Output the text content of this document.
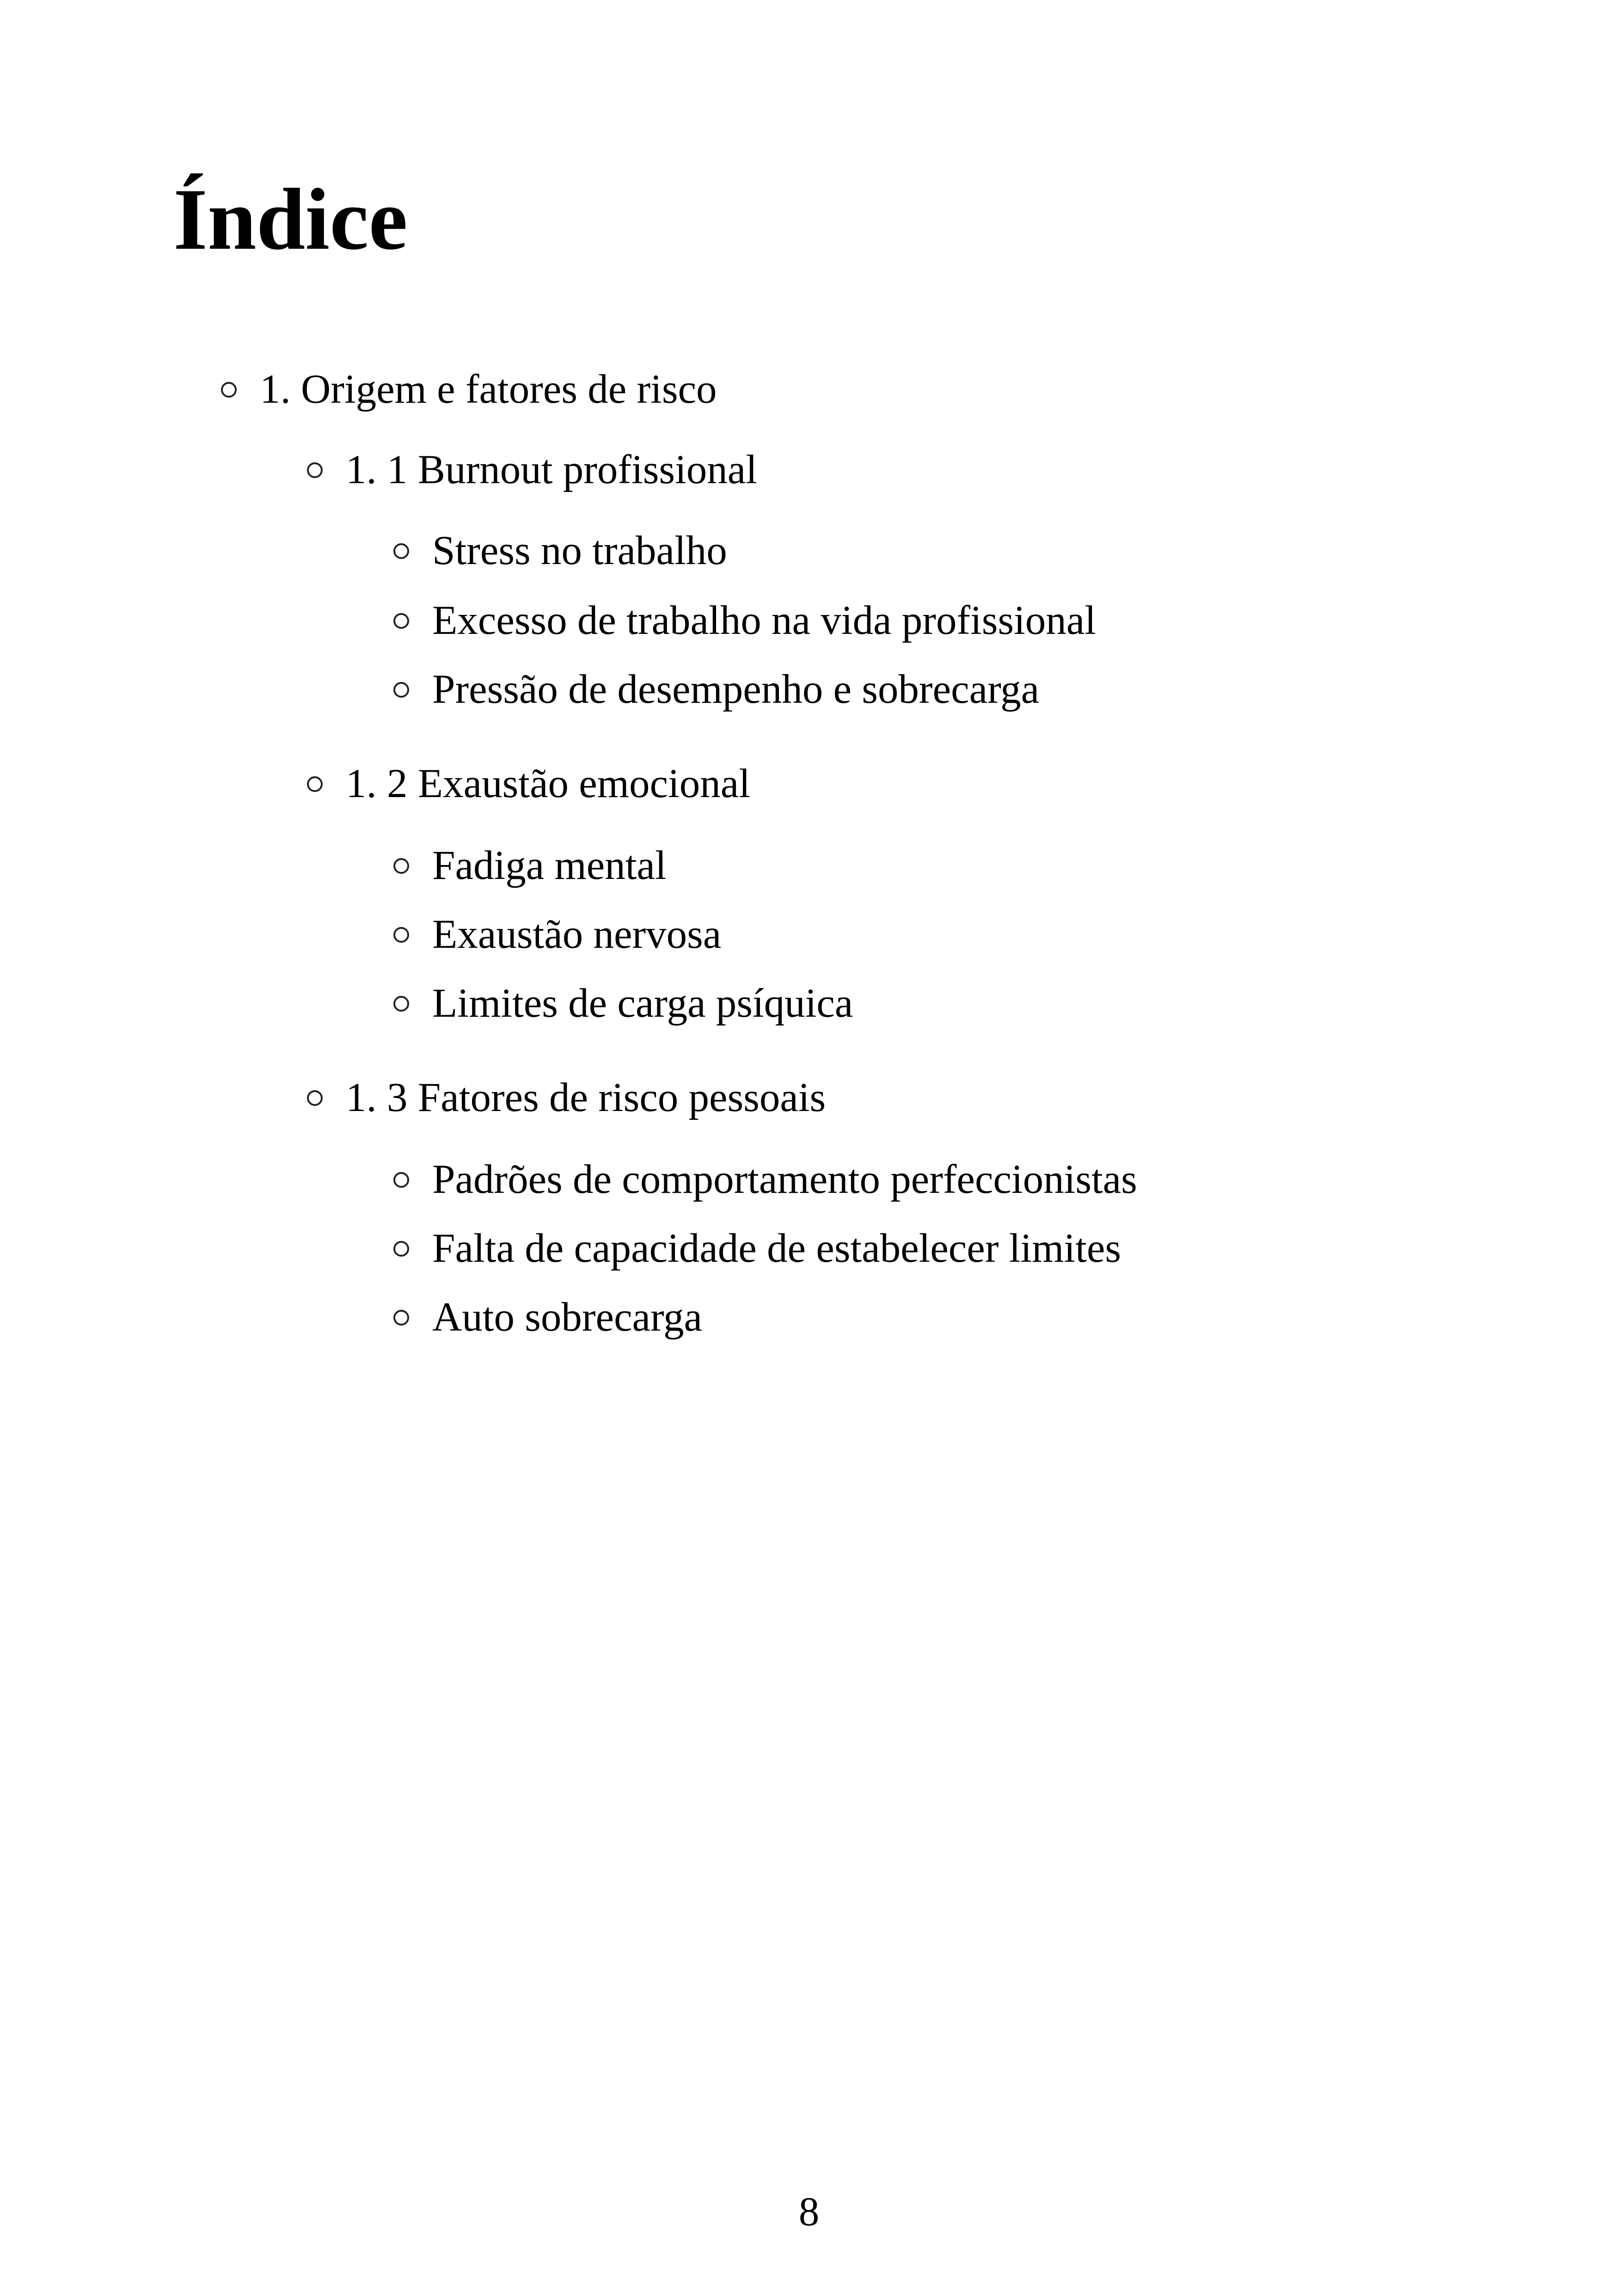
Índice
1. Origem e fatores de risco
1. 1 Burnout profissional
Stress no trabalho
Excesso de trabalho na vida profissional
Pressão de desempenho e sobrecarga
1. 2 Exaustão emocional
Fadiga mental
Exaustão nervosa
Limites de carga psíquica
1. 3 Fatores de risco pessoais
Padrões de comportamento perfeccionistas
Falta de capacidade de estabelecer limites
Auto sobrecarga
8
